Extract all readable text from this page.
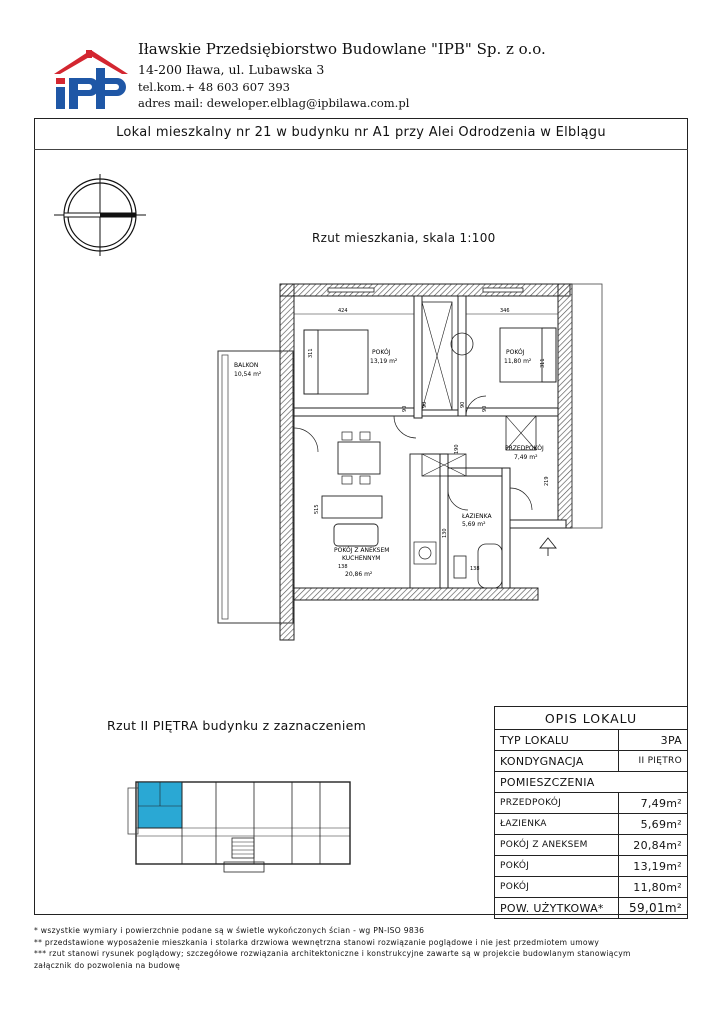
Iławskie Przedsiębiorstwo Budowlane "IPB" Sp. z o.o.
14-200 Iława, ul. Lubawska 3
tel.kom.+ 48 603 607 393
adres mail: deweloper.elblag@ipbilawa.com.pl
Lokal mieszkalny nr 21 w budynku nr A1 przy Alei Odrodzenia w Elblągu
Rzut mieszkania, skala 1:100
BALKON
10,54 m²
POKÓJ
13,19 m²
POKÓJ
11,80 m²
PRZEDPOKÓJ
7,49 m²
ŁAZIENKA
5,69 m²
POKÓJ Z ANEKSEM
KUCHENNYM
20,86 m²
424	346
311
311
90	90
90
90
190
515
138	138
130
219
Rzut II PIĘTRA budynku z zaznaczeniem	OPIS LOKALU	
TYP LOKALU	3PA
KONDYGNACJA	II PIĘTRO
POMIESZCZENIA	
PRZEDPOKÓJ	7,49m²
ŁAZIENKA	5,69m²
POKÓJ Z ANEKSEM	20,84m²
POKÓJ	13,19m²
POKÓJ	11,80m²
POW. UŻYTKOWA*	59,01m²
* wszystkie wymiary i powierzchnie podane są w świetle wykończonych ścian - wg PN-ISO 9836
** przedstawione wyposażenie mieszkania i stolarka drzwiowa wewnętrzna stanowi rozwiązanie poglądowe i nie jest przedmiotem umowy
*** rzut stanowi rysunek poglądowy; szczegółowe rozwiązania architektoniczne i konstrukcyjne zawarte są w projekcie budowlanym stanowiącym
załącznik do pozwolenia na budowę
